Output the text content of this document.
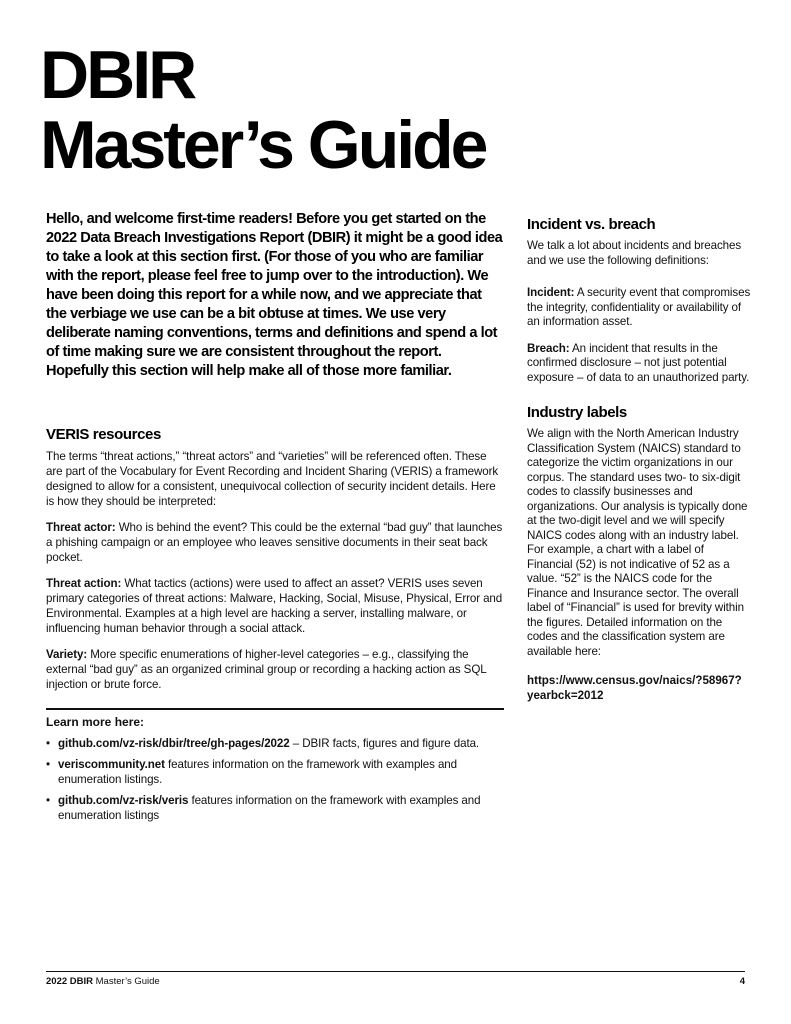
DBIR
Master’s Guide

Hello, and welcome first-time readers! Before you get started on the 2022 Data Breach Investigations Report (DBIR) it might be a good idea to take a look at this section first. (For those of you who are familiar with the report, please feel free to jump over to the introduction). We have been doing this report for a while now, and we appreciate that the verbiage we use can be a bit obtuse at times. We use very deliberate naming conventions, terms and definitions and spend a lot of time making sure we are consistent throughout the report. Hopefully this section will help make all of those more familiar.

VERIS resources

The terms “threat actions,” “threat actors” and “varieties” will be referenced often. These are part of the Vocabulary for Event Recording and Incident Sharing (VERIS) a framework designed to allow for a consistent, unequivocal collection of security incident details. Here is how they should be interpreted:

Threat actor: Who is behind the event? This could be the external “bad guy” that launches a phishing campaign or an employee who leaves sensitive documents in their seat back pocket.

Threat action: What tactics (actions) were used to affect an asset? VERIS uses seven primary categories of threat actions: Malware, Hacking, Social, Misuse, Physical, Error and Environmental. Examples at a high level are hacking a server, installing malware, or influencing human behavior through a social attack.

Variety: More specific enumerations of higher-level categories – e.g., classifying the external “bad guy” as an organized criminal group or recording a hacking action as SQL injection or brute force.

Learn more here:
• github.com/vz-risk/dbir/tree/gh-pages/2022 – DBIR facts, figures and figure data.
• veriscommunity.net features information on the framework with examples and enumeration listings.
• github.com/vz-risk/veris features information on the framework with examples and enumeration listings
Incident vs. breach

We talk a lot about incidents and breaches and we use the following definitions:

Incident: A security event that compromises the integrity, confidentiality or availability of an information asset.

Breach: An incident that results in the confirmed disclosure – not just potential exposure – of data to an unauthorized party.

Industry labels

We align with the North American Industry Classification System (NAICS) standard to categorize the victim organizations in our corpus. The standard uses two- to six-digit codes to classify businesses and organizations. Our analysis is typically done at the two-digit level and we will specify NAICS codes along with an industry label. For example, a chart with a label of Financial (52) is not indicative of 52 as a value. “52” is the NAICS code for the Finance and Insurance sector. The overall label of “Financial” is used for brevity within the figures. Detailed information on the codes and the classification system are available here:

https://www.census.gov/naics/?58967?yearbck=2012

2022 DBIR Master’s Guide	4
